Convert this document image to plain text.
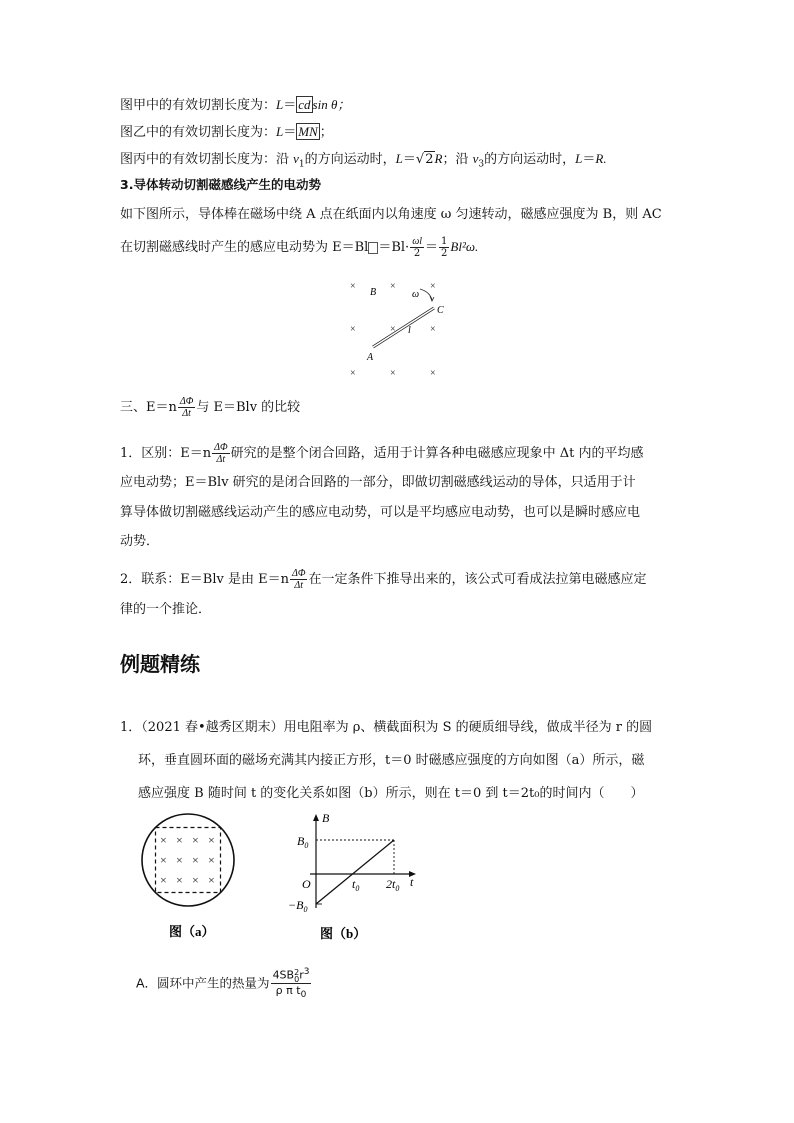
图甲中的有效切割长度为：L＝ cd sin θ；
图乙中的有效切割长度为：L＝ MN ；
图丙中的有效切割长度为：沿 $v_1$的方向运动时，L＝√2R；沿 $v_3$的方向运动时，L＝R.
3.导体转动切割磁感线产生的电动势
如下图所示，导体棒在磁场中绕 A 点在纸面内以角速度 ω 匀速转动，磁感应强度为 B，则 AC
在切割磁感线时产生的感应电动势为 $E=Bl =Bl\cdot \frac{\omega l}{2} = \frac{1}{2} Bl^2\omega$.
×	×	×
×	×	×
×	×	×
B	ω
C
l
A
三、$E=n \frac{\Delta\Phi}{\Delta t}$ 与 E＝Blv 的比较
1．区别：$E=n \frac{\Delta\Phi}{\Delta t}$ 研究的是整个闭合回路，适用于计算各种电磁感应现象中 Δt 内的平均感
应电动势；E＝Blv 研究的是闭合回路的一部分，即做切割磁感线运动的导体，只适用于计
算导体做切割磁感线运动产生的感应电动势，可以是平均感应电动势，也可以是瞬时感应电
动势．
2．联系：E＝Blv 是由 $E=n \frac{\Delta\Phi}{\Delta t}$ 在一定条件下推导出来的，该公式可看成法拉第电磁感应定
律的一个推论．
例题精练
1．（2021 春•越秀区期末）用电阻率为 ρ、横截面积为 S 的硬质细导线，做成半径为 r 的圆
环，垂直圆环面的磁场充满其内接正方形，t＝0 时磁感应强度的方向如图（a）所示，磁
感应强度 B 随时间 t 的变化关系如图（b）所示，则在 t＝0 到 t＝2t₀的时间内（　　）
× × × ×
× × × ×
× × × ×
图（a）
B
$B_0$
O	$t_0$ $2t_0$ t
$-B_0$
图（b）
A．圆环中产生的热量为 4SB 2
0 $r^3$
ρ π $t_0$
